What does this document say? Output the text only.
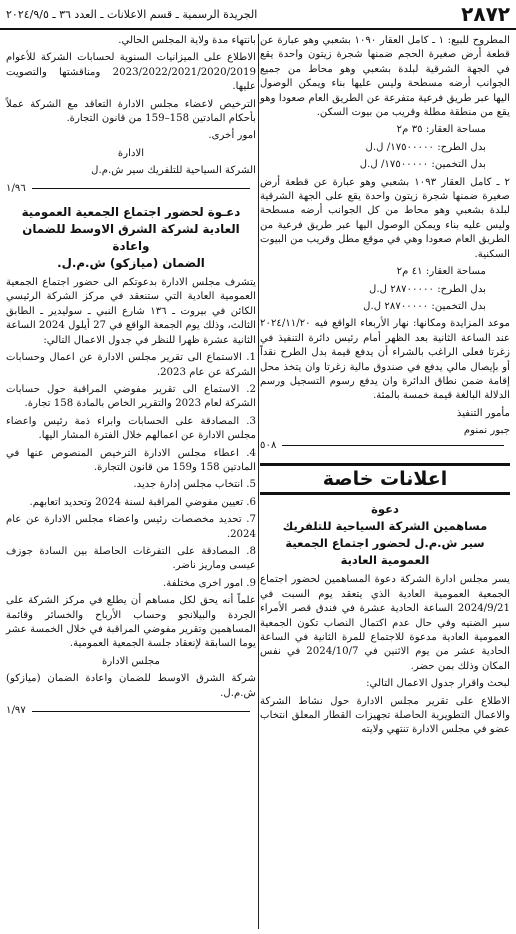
٢٨٧٢
الجريدة الرسمية ـ قسم الاعلانات ـ العدد ٣٦ ـ ٢٠٢٤/٩/٥

المطروح للبيع: ١ ـ كامل العقار ١٠٩٠ بشعبي وهو عبارة عن قطعة أرض صغيرة الحجم ضمنها شجرة زيتون واحدة يقع في الجهة الشرقية لبلدة بشعبي وهو محاط من جميع الجوانب أرضه مسطحة وليس عليها بناء ويمكن الوصول اليها عبر طريق فرعية متفرعة عن الطريق العام صعودا وهو يقع من منطقة مطلة وقريب من بيوت السكن.

مساحة العقار: ٣٥ م٢

بدل الطرح: ١٧٥٠٠٠٠٠/ ل.ل

بدل التخمين: ١٧٥٠٠٠٠٠/ ل.ل

٢ ـ كامل العقار ١٠٩٣ بشعبي وهو عبارة عن قطعة أرض صغيرة ضمنها شجرة زيتون واحدة يقع على الجهة الشرقية لبلدة بشعبي وهو محاط من كل الجوانب أرضه مسطحة وليس عليه بناء ويمكن الوصول اليها عبر طريق فرعية من الطريق العام صعودا وهي في موقع مطل وقريب من البيوت السكنية.

مساحة العقار: ٤١ م٢

بدل الطرح: ٢٨٧٠٠٠٠٠ ل.ل

بدل التخمين: ٢٨٧٠٠٠٠٠ ل.ل

موعد المزايدة ومكانها: نهار الأربعاء الواقع فيه ٢٠٢٤/١١/٢٠ عند الساعة الثانية بعد الظهر أمام رئيس دائرة التنفيذ في زغرتا فعلى الراغب بالشراء أن يدفع قيمة بدل الطرح نقداً أو بإيصال مالي يدفع في صندوق مالية زغرتا وان يتخذ محل إقامة ضمن نطاق الدائرة وان يدفع رسوم التسجيل ورسم الدلالة البالغة قيمة خمسة بالمئة.

مأمور التنفيذ

جبور نمنوم
٥٠٨
اعلانات خاصة
دعوة
مساهمين الشركة السياحية للتلفريك
سير ش.م.ل لحضور اجتماع الجمعية
العمومية العادية

يسر مجلس ادارة الشركة دعوة المساهمين لحضور اجتماع الجمعية العمومية العادية الذي يتعقد يوم السبت في 2024/9/21 الساعة الحادية عشرة في فندق قصر الأمراء سير الضنيه وفي حال عدم اكتمال النصاب تكون الجمعية العمومية العادية مدعوة للاجتماع للمرة الثانية في الساعة الحادية عشر من يوم الاثنين في 2024/10/7 في نفس المكان وذلك بمن حضر.

لبحث واقرار جدول الاعمال التالي:

الاطلاع على تقرير مجلس الادارة حول نشاط الشركة والاعمال التطويرية الحاصلة تجهيزات القطار المعلق انتخاب عضو في مجلس الادارة تنتهي ولايته

بانتهاء مدة ولاية المجلس الحالي.

الاطلاع على الميزانيات السنوية لحسابات الشركة للأعوام 2023/2022/2021/2020/2019 ومناقشتها والتصويت عليها.

الترخيص لاعضاء مجلس الادارة التعاقد مع الشركة عملاً بأحكام المادتين 158–159 من قانون التجارة.

امور أخرى.

الادارة

الشركة السياحية للتلفريك سير ش.م.ل

١/٩٦
دعـوة لحضور اجتماع الجمعية العمومية
العادية لشركة الشرق الاوسط للضمان واعادة
الضمان (ميازكو) ش.م.ل.

يتشرف مجلس الادارة بدعوتكم الى حضور اجتماع الجمعية العمومية العادية التي ستنعقد في مركز الشركة الرئيسي الكائن في بيروت ـ ١٣٦ شارع النبي ـ سوليدير ـ الطابق الثالث، وذلك يوم الجمعة الواقع في 27 أيلول 2024 الساعة الثانية عشرة ظهرا للنظر في جدول الاعمال التالي:

1. الاستماع الى تقرير مجلس الادارة عن اعمال وحسابات الشركة عن عام 2023.

2. الاستماع الى تقرير مفوضي المراقبة حول حسابات الشركة لعام 2023 والتقرير الخاص بالمادة 158 تجارة.

3. المصادقة على الحسابات وابراء ذمة رئيس واعضاء مجلس الادارة عن اعمالهم خلال الفترة المشار اليها.

4. اعطاء مجلس الادارة الترخيص المنصوص عنها في المادتين 158 و159 من قانون التجارة.

5. انتخاب مجلس إدارة جديد.

6. تعيين مفوضي المراقبة لسنة 2024 وتحديد اتعابهم.

7. تحديد مخصصات رئيس واعضاء مجلس الادارة عن عام 2024.

8. المصادقة على التفرغات الحاصلة بين السادة جوزف عيسى وماريز ناضر.

9. امور اخرى مختلفة.

علماً أنه يحق لكل مساهم أن يطلع في مركز الشركة على الجردة والبيلانجو وحساب الأرباح والخسائر وقائمة المساهمين وتقرير مفوضي المراقبة في خلال الخمسة عشر يوما السابقة لإنعقاد جلسة الجمعية العمومية.

مجلس الادارة

شركة الشرق الاوسط للضمان واعادة الضمان (ميازكو) ش.م.ل.

١/٩٧
